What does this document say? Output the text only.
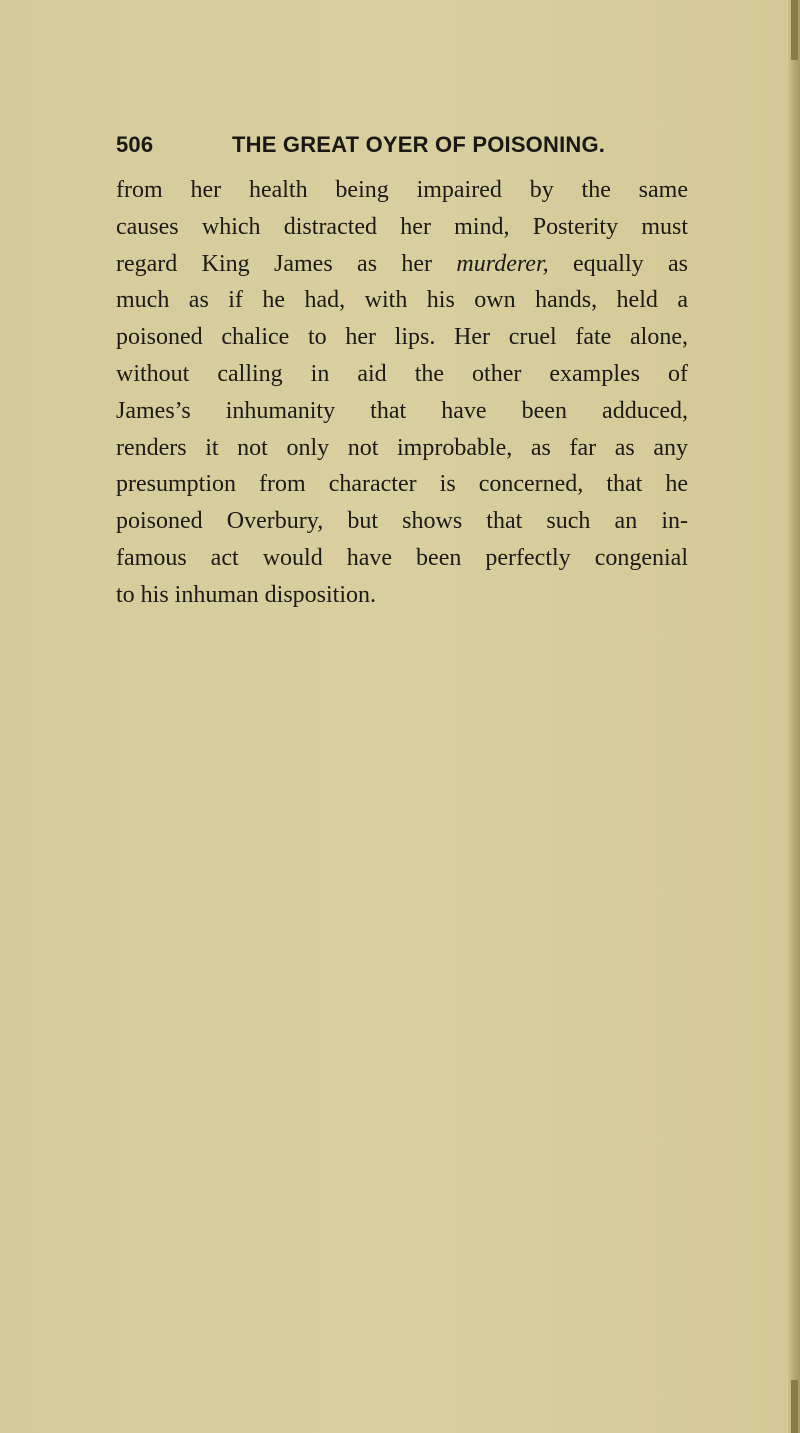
506	THE GREAT OYER OF POISONING.
from her health being impaired by the same
causes which distracted her mind, Posterity must
regard King James as her murderer, equally as
much as if he had, with his own hands, held a
poisoned chalice to her lips. Her cruel fate alone,
without calling in aid the other examples of
James’s inhumanity that have been adduced,
renders it not only not improbable, as far as any
presumption from character is concerned, that he
poisoned Overbury, but shows that such an in-
famous act would have been perfectly congenial
to his inhuman disposition.
